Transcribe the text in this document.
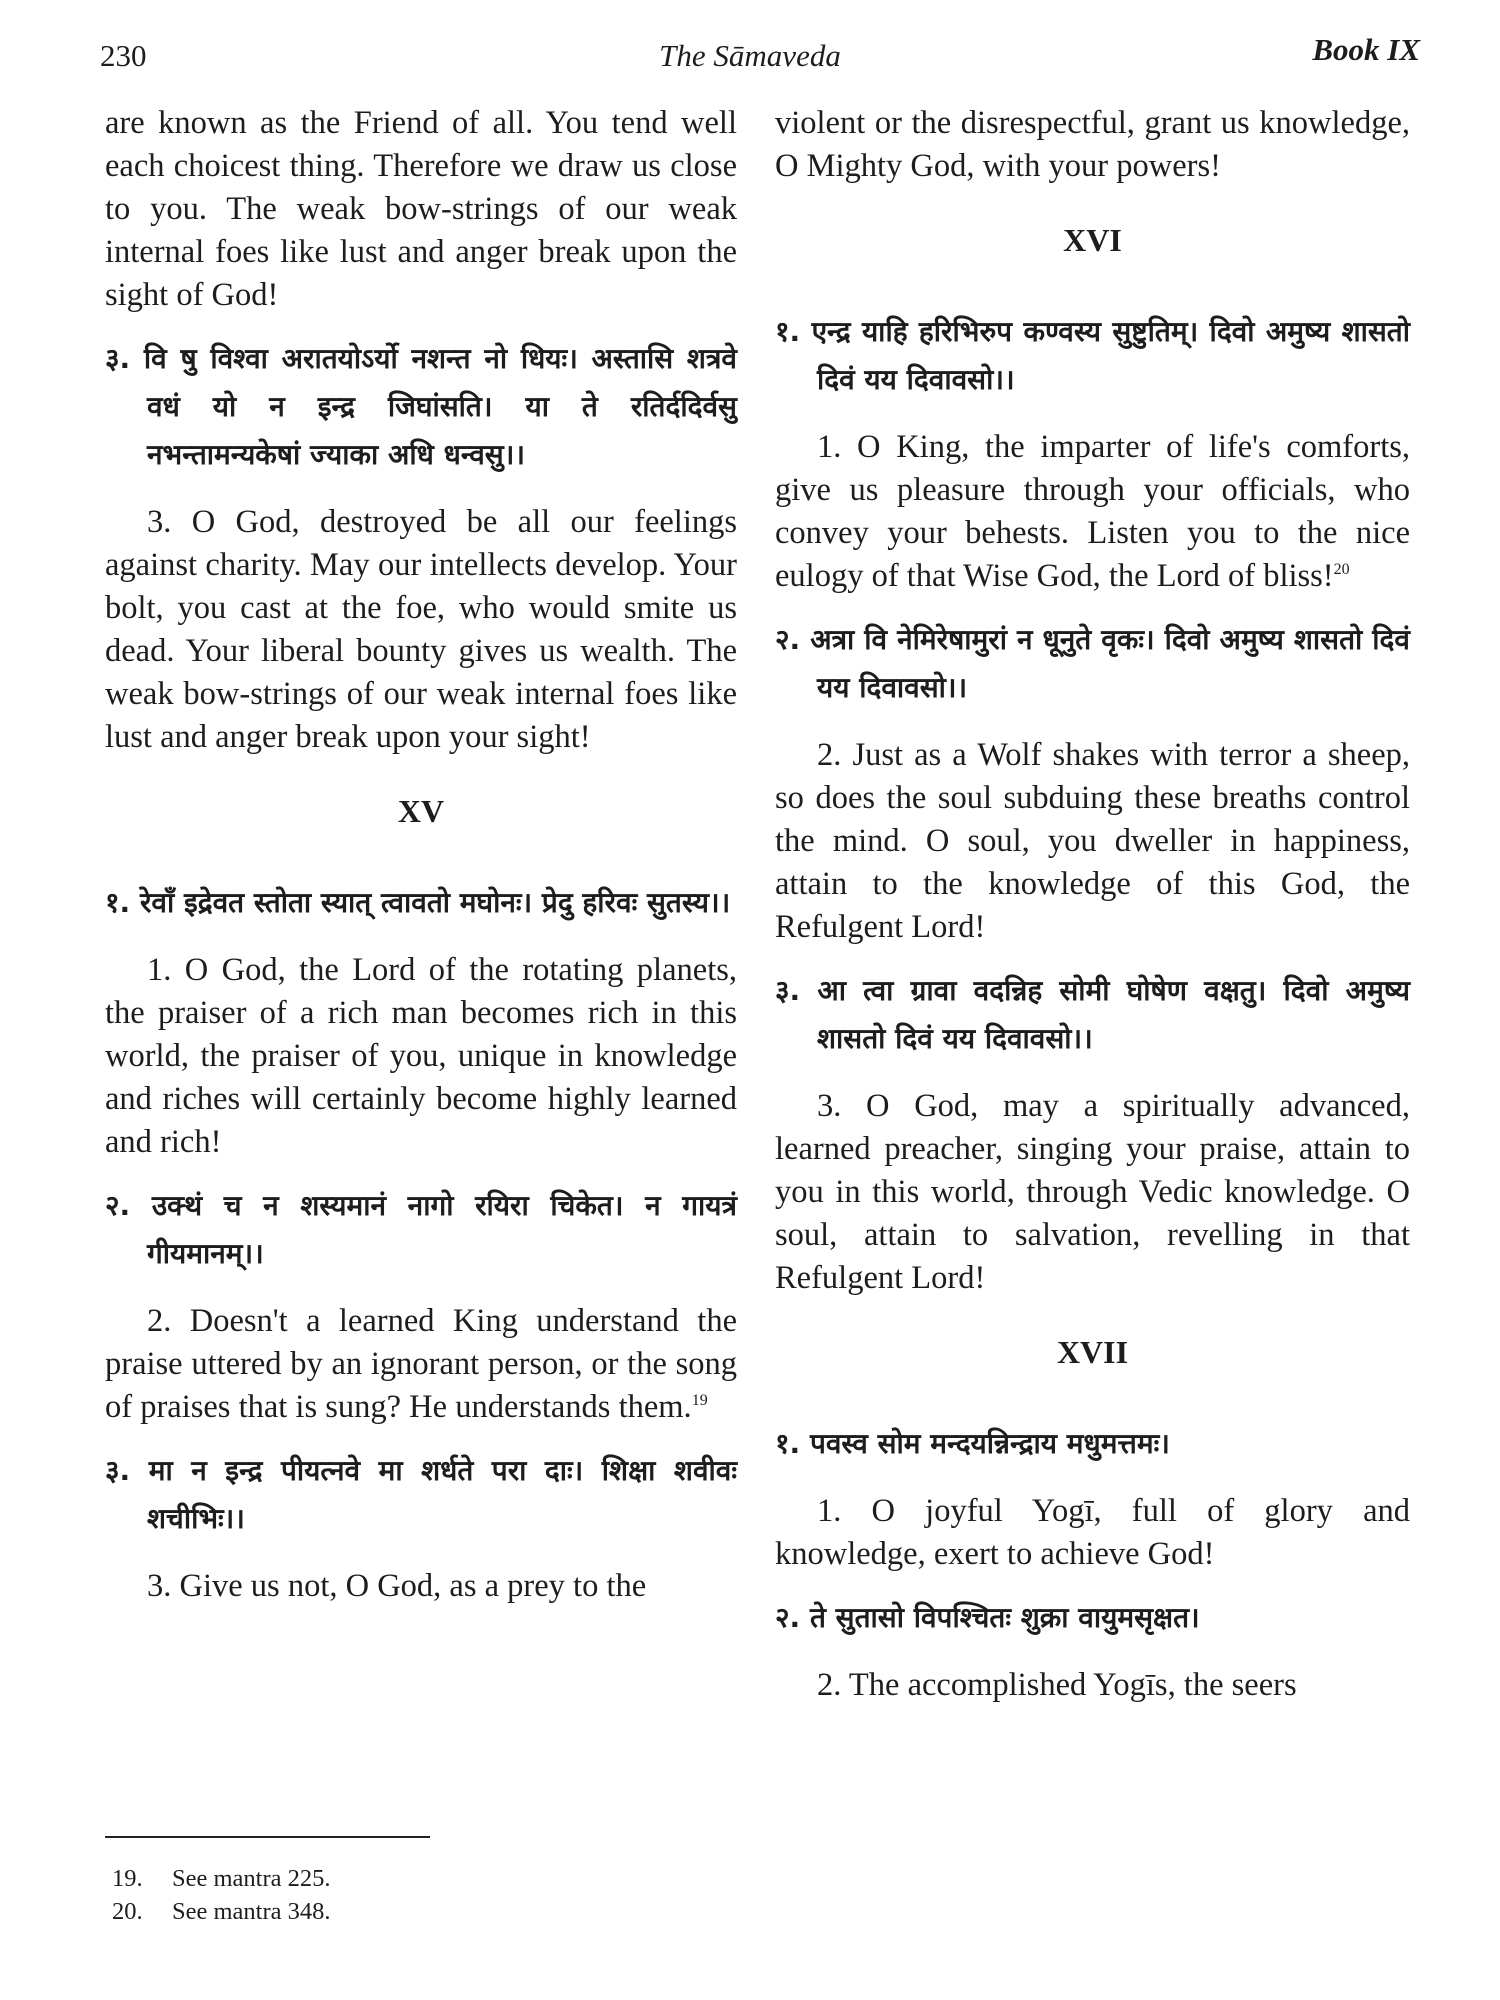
230	The Sāmaveda	Book IX

are known as the Friend of all. You tend well each choicest thing. Therefore we draw us close to you. The weak bow-strings of our weak internal foes like lust and anger break upon the sight of God!

३. वि षु विश्वा अरातयोऽर्यो नशन्त नो धियः। अस्तासि शत्रवे वधं यो न इन्द्र जिघांसति। या ते रतिर्ददिर्वसु नभन्तामन्यकेषां ज्याका अधि धन्वसु।।

3. O God, destroyed be all our feelings against charity. May our intellects develop. Your bolt, you cast at the foe, who would smite us dead. Your liberal bounty gives us wealth. The weak bow-strings of our weak internal foes like lust and anger break upon your sight!

XV

१. रेवाँ इद्रेवत स्तोता स्यात् त्वावतो मघोनः। प्रेदु हरिवः सुतस्य।।

1. O God, the Lord of the rotating planets, the praiser of a rich man becomes rich in this world, the praiser of you, unique in knowledge and riches will certainly become highly learned and rich!

२. उक्थं च न शस्यमानं नागो रयिरा चिकेत। न गायत्रं गीयमानम्।।

2. Doesn't a learned King understand the praise uttered by an ignorant person, or the song of praises that is sung? He understands them.$^{19}$

३. मा न इन्द्र पीयत्नवे मा शर्धते परा दाः। शिक्षा शवीवः शचीभिः।।

3. Give us not, O God, as a prey to the

violent or the disrespectful, grant us knowledge, O Mighty God, with your powers!

XVI

१. एन्द्र याहि हरिभिरुप कण्वस्य सुष्टुतिम्। दिवो अमुष्य शासतो दिवं यय दिवावसो।।

1. O King, the imparter of life's comforts, give us pleasure through your officials, who convey your behests. Listen you to the nice eulogy of that Wise God, the Lord of bliss!$^{20}$

२. अत्रा वि नेमिरेषामुरां न धूनुते वृकः। दिवो अमुष्य शासतो दिवं यय दिवावसो।।

2. Just as a Wolf shakes with terror a sheep, so does the soul subduing these breaths control the mind. O soul, you dweller in happiness, attain to the knowledge of this God, the Refulgent Lord!

३. आ त्वा ग्रावा वदन्निह सोमी घोषेण वक्षतु। दिवो अमुष्य शासतो दिवं यय दिवावसो।।

3. O God, may a spiritually advanced, learned preacher, singing your praise, attain to you in this world, through Vedic knowledge. O soul, attain to salvation, revelling in that Refulgent Lord!

XVII

१. पवस्व सोम मन्दयन्निन्द्राय मधुमत्तमः।

1. O joyful Yogī, full of glory and knowledge, exert to achieve God!

२. ते सुतासो विपश्चितः शुक्रा वायुमसृक्षत।

2. The accomplished Yogīs, the seers

19. See mantra 225.
20. See mantra 348.
